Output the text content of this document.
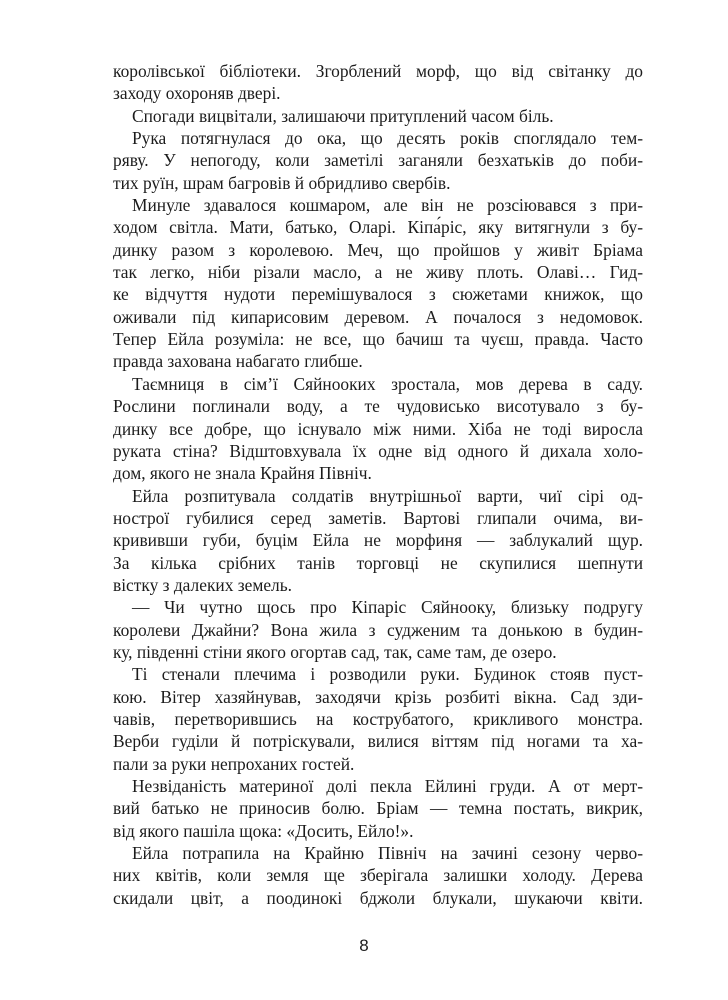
королівської бібліотеки. Згорблений морф, що від світанку до
заходу охороняв двері.
Спогади вицвітали, залишаючи притуплений часом біль.
Рука потягнулася до ока, що десять років споглядало тем-
ряву. У непогоду, коли заметілі заганяли безхатьків до поби-
тих руїн, шрам багровів й обридливо свербів.
Минуле здавалося кошмаром, але він не розсіювався з при-
ходом світла. Мати, батько, Оларі. Кіпа́ріс, яку витягнули з бу-
динку разом з королевою. Меч, що пройшов у живіт Бріама
так легко, ніби різали масло, а не живу плоть. Олаві… Гид-
ке відчуття нудоти перемішувалося з сюжетами книжок, що
оживали під кипарисовим деревом. А почалося з недомовок.
Тепер Ейла розуміла: не все, що бачиш та чуєш, правда. Часто
правда захована набагато глибше.
Таємниця в сім’ї Сяйнооких зростала, мов дерева в саду.
Рослини поглинали воду, а те чудовисько висотувало з бу-
динку все добре, що існувало між ними. Хіба не тоді виросла
руката стіна? Відштовхувала їх одне від одного й дихала холо-
дом, якого не знала Крайня Північ.
Ейла розпитувала солдатів внутрішньої варти, чиї сірі од-
нострої губилися серед заметів. Вартові глипали очима, ви-
крививши губи, буцім Ейла не морфиня — заблукалий щур.
За кілька срібних танів торговці не скупилися шепнути
вістку з далеких земель.
— Чи чутно щось про Кіпаріс Сяйнооку, близьку подругу
королеви Джайни? Вона жила з судженим та донькою в будин-
ку, південні стіни якого огортав сад, так, саме там, де озеро.
Ті стенали плечима і розводили руки. Будинок стояв пуст-
кою. Вітер хазяйнував, заходячи крізь розбиті вікна. Сад зди-
чавів, перетворившись на кострубатого, крикливого монстра.
Верби гуділи й потріскували, вилися віттям під ногами та ха-
пали за руки непроханих гостей.
Незвіданість материної долі пекла Ейлині груди. А от мерт-
вий батько не приносив болю. Бріам — темна постать, викрик,
від якого пашіла щока: «Досить, Ейло!».
Ейла потрапила на Крайню Північ на зачині сезону черво-
них квітів, коли земля ще зберігала залишки холоду. Дерева
скидали цвіт, а поодинокі бджоли блукали, шукаючи квіти.
8
